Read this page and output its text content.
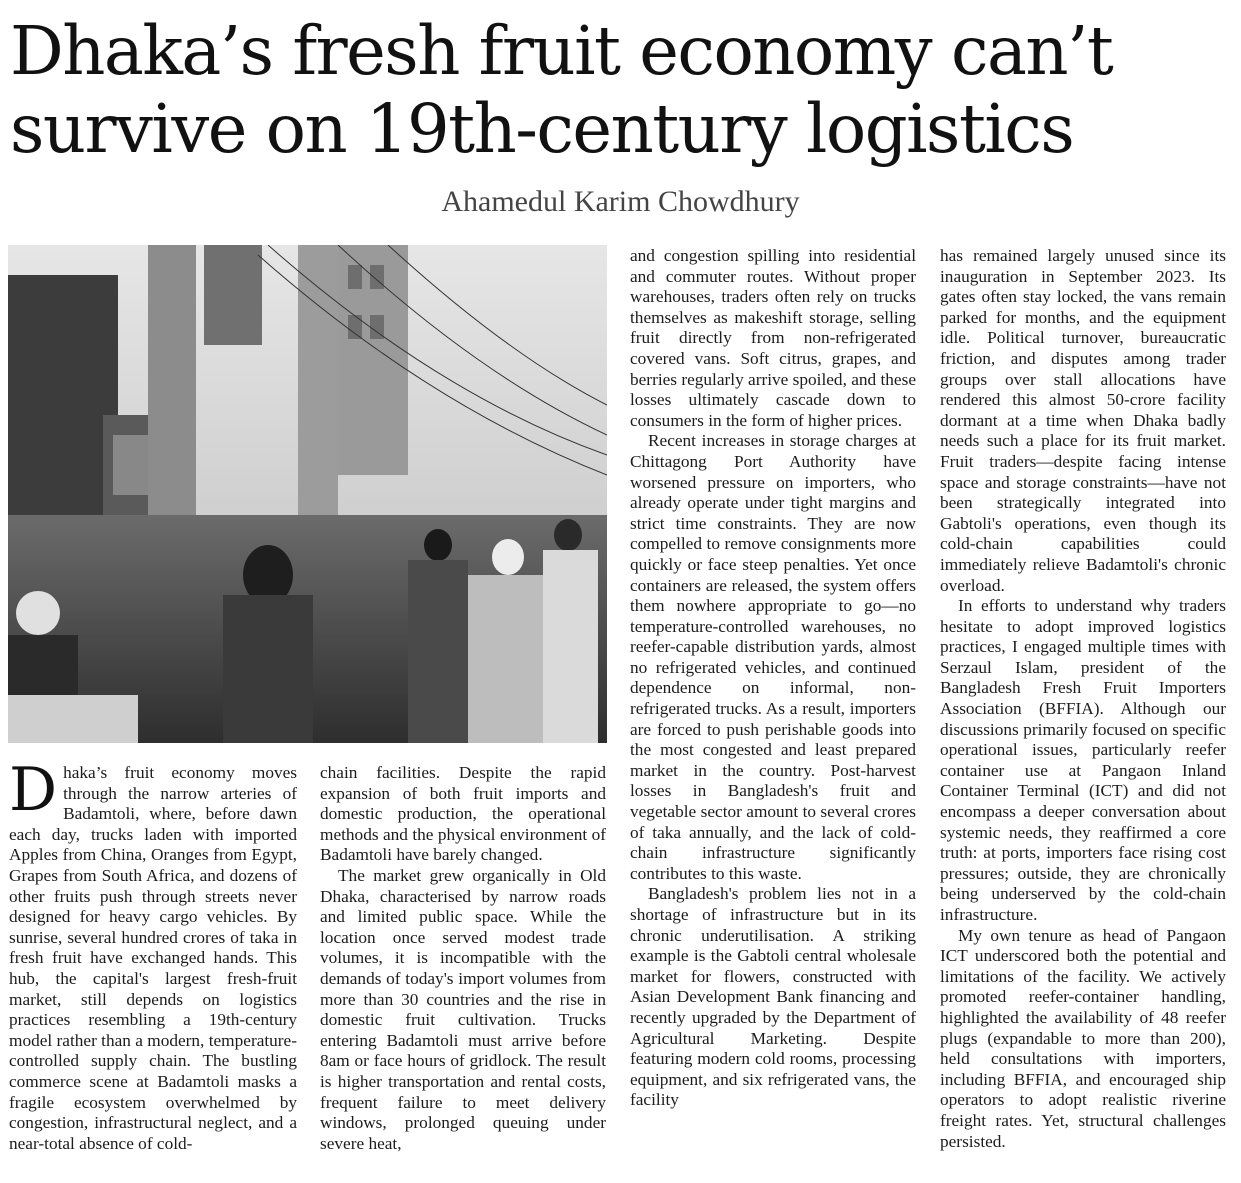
Dhaka’s fresh fruit economy can’t survive on 19th-century logistics
Ahamedul Karim Chowdhury

Dhaka’s fruit economy moves through the narrow arteries of Badamtoli, where, before dawn each day, trucks laden with imported Apples from China, Oranges from Egypt, Grapes from South Africa, and dozens of other fruits push through streets never designed for heavy cargo vehicles. By sunrise, several hundred crores of taka in fresh fruit have exchanged hands. This hub, the capital's largest fresh-fruit market, still depends on logistics practices resembling a 19th-century model rather than a modern, temperature-controlled supply chain. The bustling commerce scene at Badamtoli masks a fragile ecosystem overwhelmed by congestion, infrastructural neglect, and a near-total absence of cold-

chain facilities. Despite the rapid expansion of both fruit imports and domestic production, the operational methods and the physical environment of Badamtoli have barely changed.

The market grew organically in Old Dhaka, characterised by narrow roads and limited public space. While the location once served modest trade volumes, it is incompatible with the demands of today's import volumes from more than 30 countries and the rise in domestic fruit cultivation. Trucks entering Badamtoli must arrive before 8am or face hours of gridlock. The result is higher transportation and rental costs, frequent failure to meet delivery windows, prolonged queuing under severe heat,

and congestion spilling into residential and commuter routes. Without proper warehouses, traders often rely on trucks themselves as makeshift storage, selling fruit directly from non-refrigerated covered vans. Soft citrus, grapes, and berries regularly arrive spoiled, and these losses ultimately cascade down to consumers in the form of higher prices.

Recent increases in storage charges at Chittagong Port Authority have worsened pressure on importers, who already operate under tight margins and strict time constraints. They are now compelled to remove consignments more quickly or face steep penalties. Yet once containers are released, the system offers them nowhere appropriate to go—no temperature-controlled warehouses, no reefer-capable distribution yards, almost no refrigerated vehicles, and continued dependence on informal, non-refrigerated trucks. As a result, importers are forced to push perishable goods into the most congested and least prepared market in the country. Post-harvest losses in Bangladesh's fruit and vegetable sector amount to several crores of taka annually, and the lack of cold-chain infrastructure significantly contributes to this waste.

Bangladesh's problem lies not in a shortage of infrastructure but in its chronic underutilisation. A striking example is the Gabtoli central wholesale market for flowers, constructed with Asian Development Bank financing and recently upgraded by the Department of Agricultural Marketing. Despite featuring modern cold rooms, processing equipment, and six refrigerated vans, the facility

has remained largely unused since its inauguration in September 2023. Its gates often stay locked, the vans remain parked for months, and the equipment idle. Political turnover, bureaucratic friction, and disputes among trader groups over stall allocations have rendered this almost 50-crore facility dormant at a time when Dhaka badly needs such a place for its fruit market. Fruit traders—despite facing intense space and storage constraints—have not been strategically integrated into Gabtoli's operations, even though its cold-chain capabilities could immediately relieve Badamtoli's chronic overload.

In efforts to understand why traders hesitate to adopt improved logistics practices, I engaged multiple times with Serzaul Islam, president of the Bangladesh Fresh Fruit Importers Association (BFFIA). Although our discussions primarily focused on specific operational issues, particularly reefer container use at Pangaon Inland Container Terminal (ICT) and did not encompass a deeper conversation about systemic needs, they reaffirmed a core truth: at ports, importers face rising cost pressures; outside, they are chronically being underserved by the cold-chain infrastructure.

My own tenure as head of Pangaon ICT underscored both the potential and limitations of the facility. We actively promoted reefer-container handling, highlighted the availability of 48 reefer plugs (expandable to more than 200), held consultations with importers, including BFFIA, and encouraged ship operators to adopt realistic riverine freight rates. Yet, structural challenges persisted.
